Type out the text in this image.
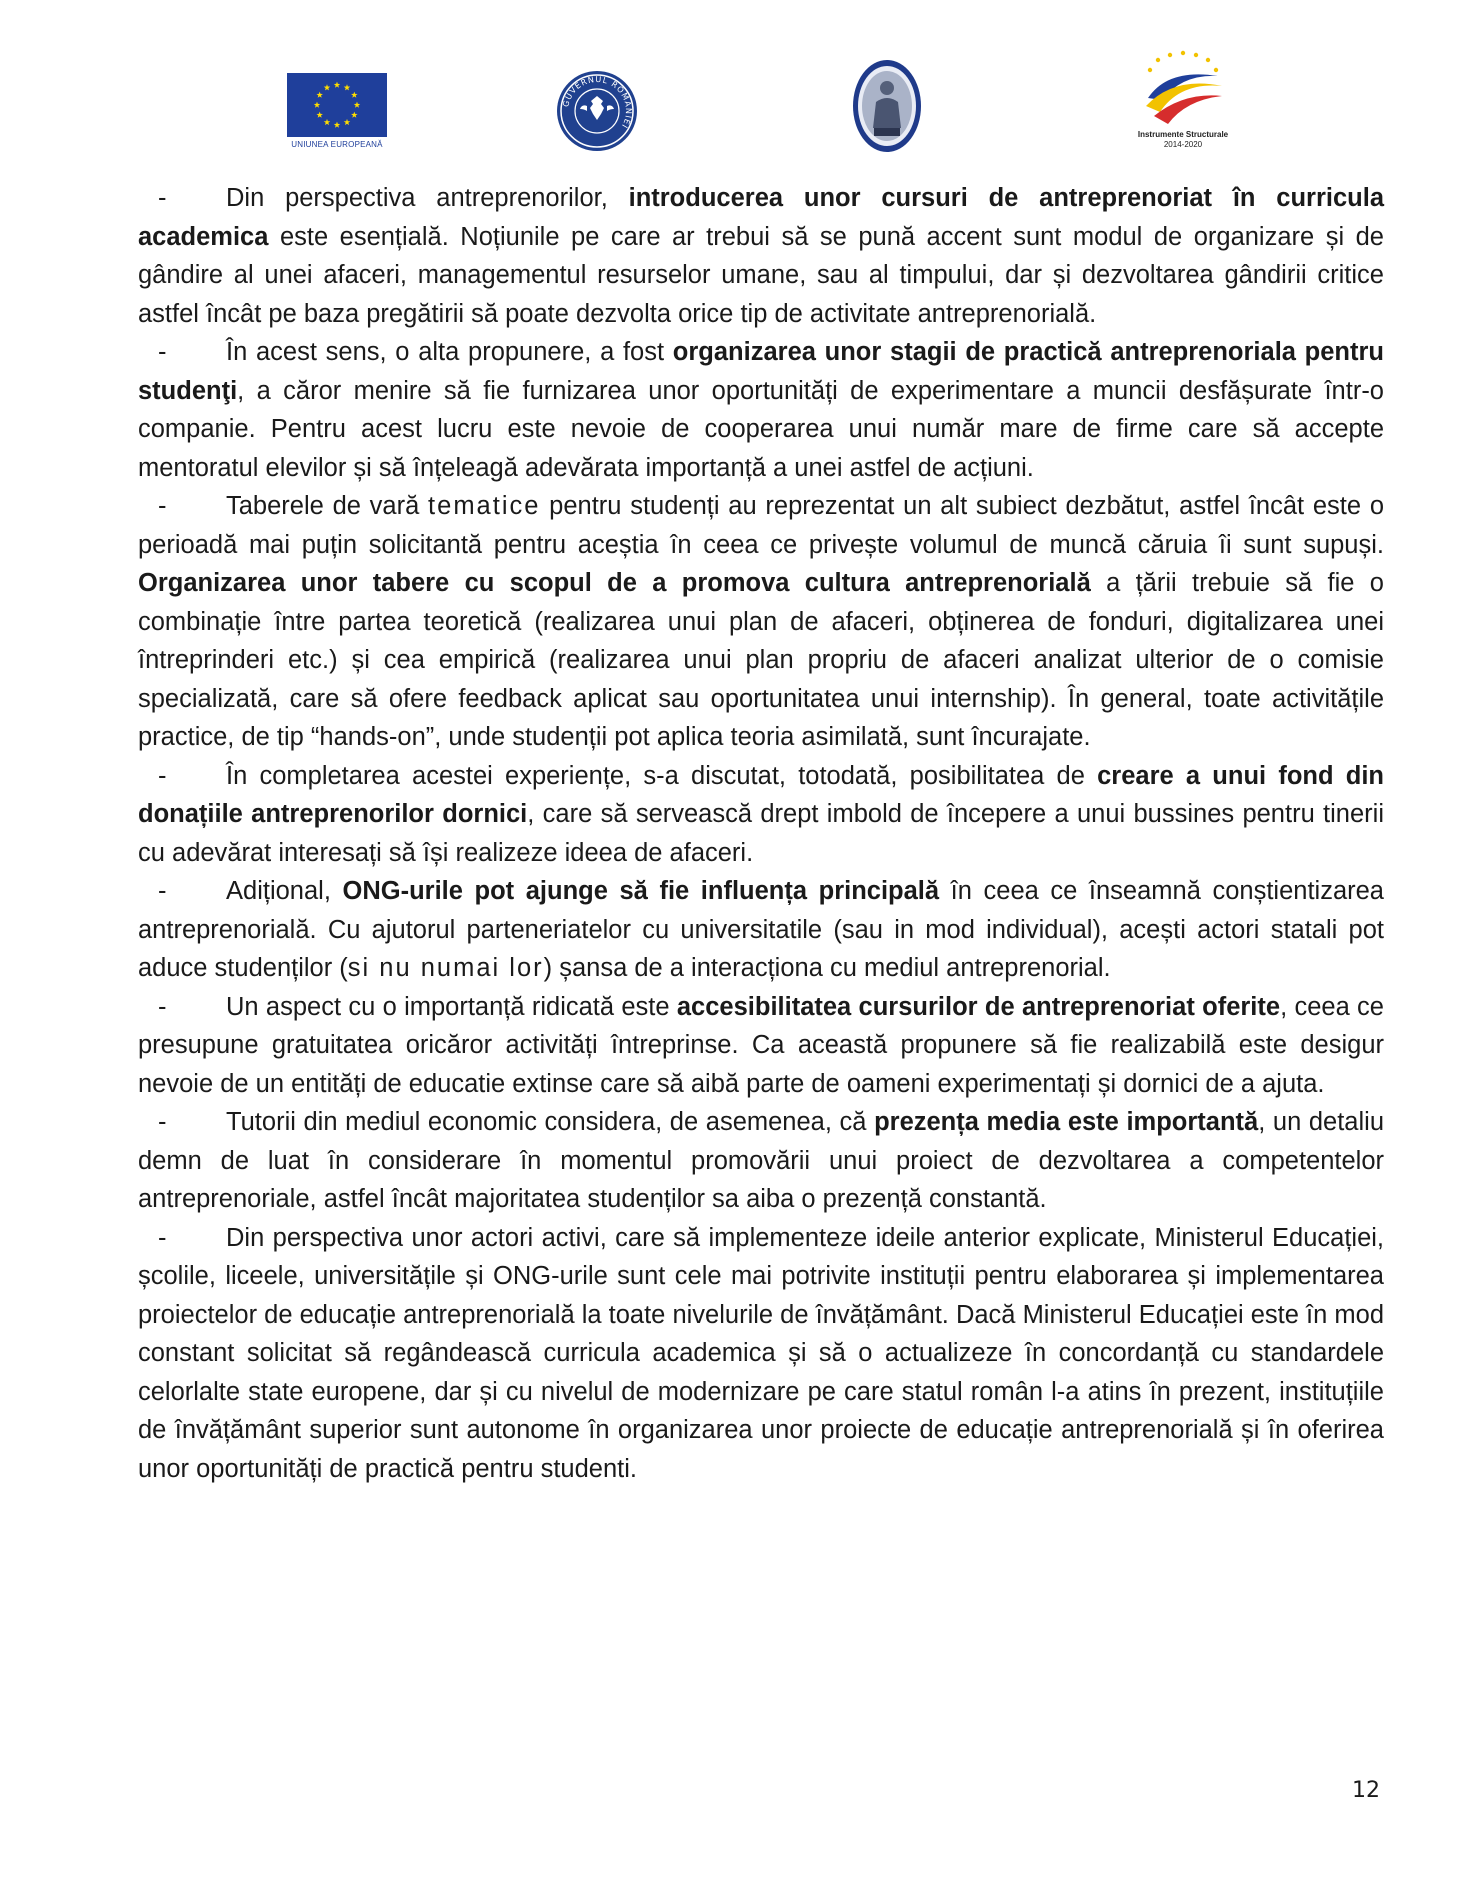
UNIUNEA EUROPEANĂ
GUVERNUL ROMÂNIEI
Instrumente Structurale
2014-2020

- Din perspectiva antreprenorilor, introducerea unor cursuri de antreprenoriat în curricula academica este esențială. Noțiunile pe care ar trebui să se pună accent sunt modul de organizare și de gândire al unei afaceri, managementul resurselor umane, sau al timpului, dar și dezvoltarea gândirii critice astfel încât pe baza pregătirii să poate dezvolta orice tip de activitate antreprenorială.

- În acest sens, o alta propunere, a fost organizarea unor stagii de practică antreprenoriala pentru studenţi, a căror menire să fie furnizarea unor oportunități de experimentare a muncii desfășurate într-o companie. Pentru acest lucru este nevoie de cooperarea unui număr mare de firme care să accepte mentoratul elevilor și să înțeleagă adevărata importanță a unei astfel de acțiuni.

- Taberele de vară tematice pentru studenți au reprezentat un alt subiect dezbătut, astfel încât este o perioadă mai puțin solicitantă pentru aceștia în ceea ce privește volumul de muncă căruia îi sunt supuși. Organizarea unor tabere cu scopul de a promova cultura antreprenorială a țării trebuie să fie o combinație între partea teoretică (realizarea unui plan de afaceri, obținerea de fonduri, digitalizarea unei întreprinderi etc.) și cea empirică (realizarea unui plan propriu de afaceri analizat ulterior de o comisie specializată, care să ofere feedback aplicat sau oportunitatea unui internship). În general, toate activitățile practice, de tip “hands-on”, unde studenții pot aplica teoria asimilată, sunt încurajate.

- În completarea acestei experiențe, s-a discutat, totodată, posibilitatea de creare a unui fond din donațiile antreprenorilor dornici, care să servească drept imbold de începere a unui bussines pentru tinerii cu adevărat interesați să își realizeze ideea de afaceri.

- Adițional, ONG-urile pot ajunge să fie influența principală în ceea ce înseamnă conștientizarea antreprenorială. Cu ajutorul parteneriatelor cu universitatile (sau in mod individual), acești actori statali pot aduce studenților (si nu numai lor) șansa de a interacționa cu mediul antreprenorial.

- Un aspect cu o importanță ridicată este accesibilitatea cursurilor de antreprenoriat oferite, ceea ce presupune gratuitatea oricăror activități întreprinse. Ca această propunere să fie realizabilă este desigur nevoie de un entități de educatie extinse care să aibă parte de oameni experimentați și dornici de a ajuta.

- Tutorii din mediul economic considera, de asemenea, că prezența media este importantă, un detaliu demn de luat în considerare în momentul promovării unui proiect de dezvoltarea a competentelor antreprenoriale, astfel încât majoritatea studenților sa aiba o prezență constantă.

- Din perspectiva unor actori activi, care să implementeze ideile anterior explicate, Ministerul Educației, școlile, liceele, universitățile și ONG-urile sunt cele mai potrivite instituții pentru elaborarea și implementarea proiectelor de educație antreprenorială la toate nivelurile de învățământ. Dacă Ministerul Educației este în mod constant solicitat să regândească curricula academica și să o actualizeze în concordanță cu standardele celorlalte state europene, dar și cu nivelul de modernizare pe care statul român l-a atins în prezent, instituțiile de învățământ superior sunt autonome în organizarea unor proiecte de educație antreprenorială și în oferirea unor oportunități de practică pentru studenti.

12
